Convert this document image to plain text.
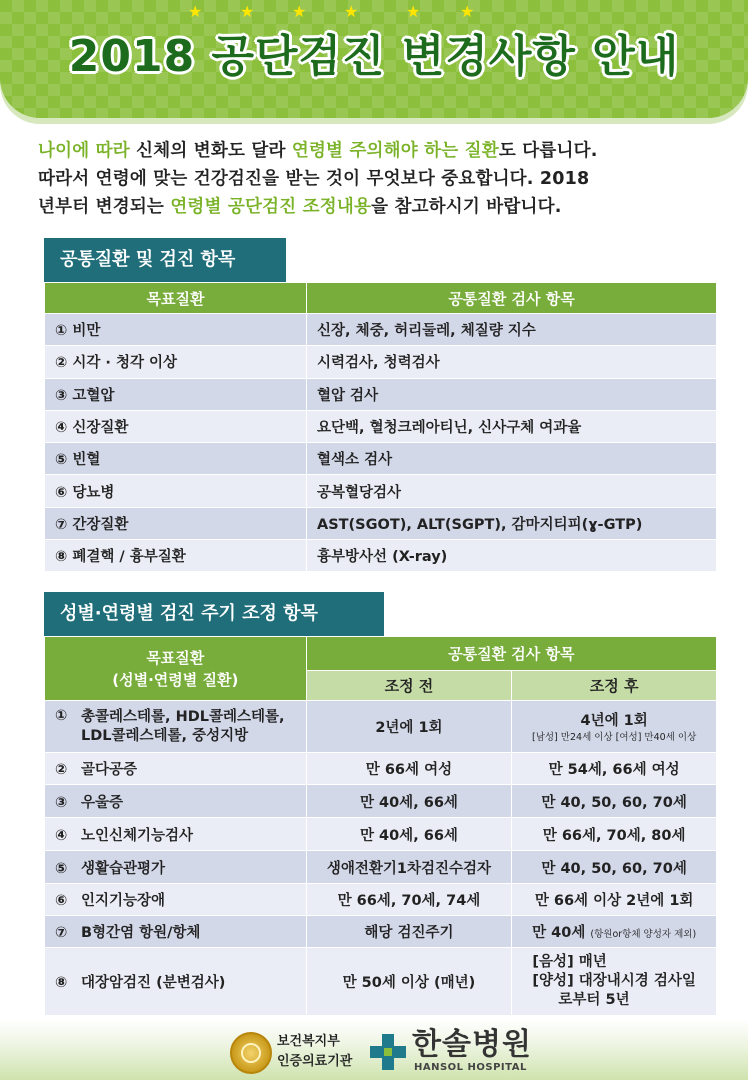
★ ★ ★ ★	★ ★
2018 공단검진 변경사항 안내
나이에 따라 신체의 변화도 달라 연령별 주의해야 하는 질환도 다릅니다.
따라서 연령에 맞는 건강검진을 받는 것이 무엇보다 중요합니다. 2018
년부터 변경되는 연령별 공단검진 조정내용을 참고하시기 바랍니다.
공통질환 및 검진 항목
목표질환	공통질환 검사 항목
① 비만	신장, 체중, 허리둘레, 체질량 지수
② 시각 · 청각 이상	시력검사, 청력검사
③ 고혈압	혈압 검사
④ 신장질환	요단백, 혈청크레아티닌, 신사구체 여과율
⑤ 빈혈	혈색소 검사
⑥ 당뇨병	공복혈당검사
⑦ 간장질환	AST(SGOT), ALT(SGPT), 감마지티피(ɣ-GTP)
⑧ 폐결핵 / 흉부질환	흉부방사선 (X-ray)
성별·연령별 검진 주기 조정 항목
목표질환
(성별·연령별 질환)	공통질환 검사 항목	
	조정 전	조정 후
① 총콜레스테롤, HDL콜레스테롤,
LDL콜레스테롤, 중성지방	2년에 1회	4년에 1회
[남성] 만24세 이상 [여성] 만40세 이상

② 골다공증	만 66세 여성	만 54세, 66세 여성
③ 우울증	만 40세, 66세	만 40, 50, 60, 70세
④ 노인신체기능검사	만 40세, 66세	만 66세, 70세, 80세
⑤ 생활습관평가	생애전환기1차검진수검자	만 40, 50, 60, 70세
⑥ 인지기능장애	만 66세, 70세, 74세	만 66세 이상 2년에 1회
⑦ B형간염 항원/항체	해당 검진주기	만 40세 (항원or항체 양성자 제외)
⑧ 대장암검진 (분변검사)	만 50세 이상 (매년)	[음성] 매년
[양성] 대장내시경 검사일
로부터 5년
보건복지부
인증의료기관 한솔병원
HANSOL HOSPITAL
